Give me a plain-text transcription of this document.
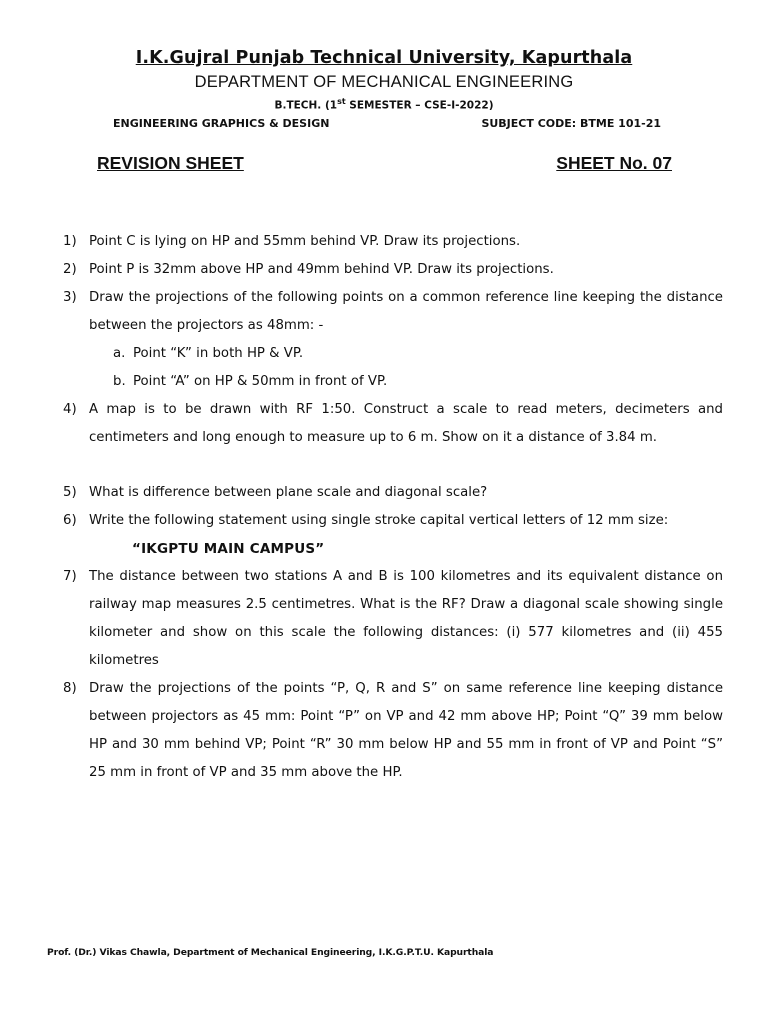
I.K.Gujral Punjab Technical University, Kapurthala
DEPARTMENT OF MECHANICAL ENGINEERING
B.TECH. (1st SEMESTER – CSE-I-2022)
ENGINEERING GRAPHICS & DESIGN	SUBJECT CODE: BTME 101-21
REVISION SHEET	SHEET No. 07
1) Point C is lying on HP and 55mm behind VP. Draw its projections.
2) Point P is 32mm above HP and 49mm behind VP. Draw its projections.
3) Draw the projections of the following points on a common reference line keeping the distance between the projectors as 48mm: -
a. Point “K” in both HP & VP.
b. Point “A” on HP & 50mm in front of VP.
4) A map is to be drawn with RF 1:50. Construct a scale to read meters, decimeters and centimeters and long enough to measure up to 6 m. Show on it a distance of 3.84 m.
5) What is difference between plane scale and diagonal scale?
6) Write the following statement using single stroke capital vertical letters of 12 mm size:
“IKGPTU MAIN CAMPUS”
7) The distance between two stations A and B is 100 kilometres and its equivalent distance on railway map measures 2.5 centimetres. What is the RF? Draw a diagonal scale showing single kilometer and show on this scale the following distances: (i) 577 kilometres and (ii) 455 kilometres
8) Draw the projections of the points “P, Q, R and S” on same reference line keeping distance between projectors as 45 mm: Point “P” on VP and 42 mm above HP; Point “Q” 39 mm below HP and 30 mm behind VP; Point “R” 30 mm below HP and 55 mm in front of VP and Point “S” 25 mm in front of VP and 35 mm above the HP.
Prof. (Dr.) Vikas Chawla, Department of Mechanical Engineering, I.K.G.P.T.U. Kapurthala
